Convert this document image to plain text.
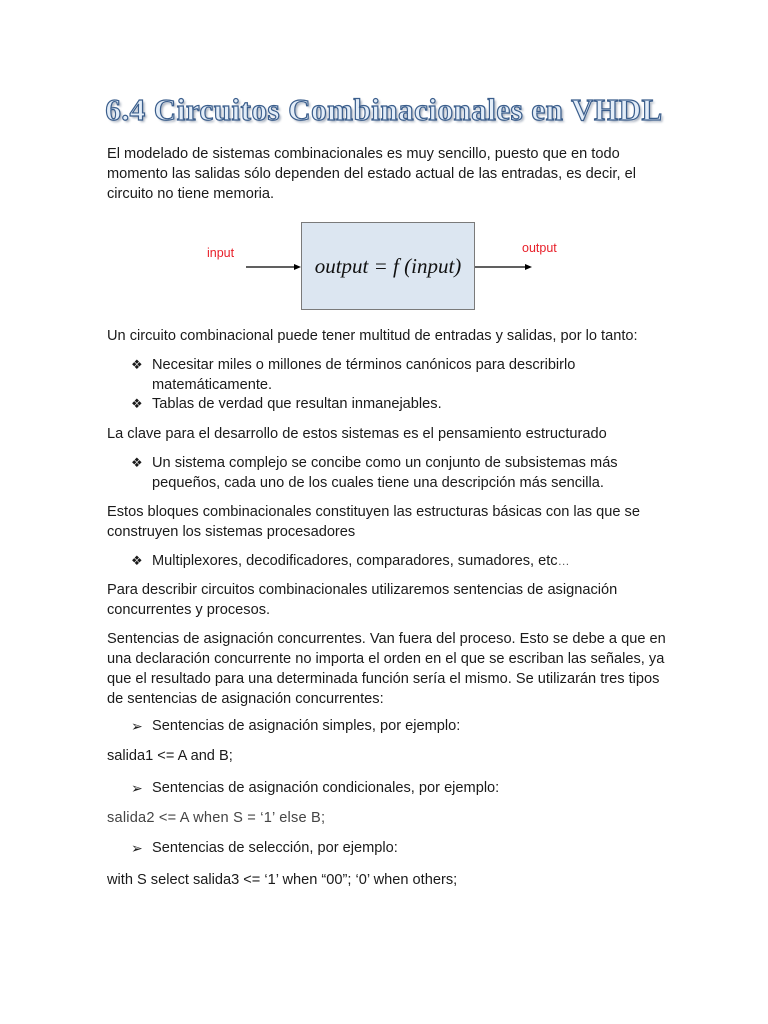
6.4 Circuitos Combinacionales en VHDL

El modelado de sistemas combinacionales es muy sencillo, puesto que en todo momento las salidas sólo dependen del estado actual de las entradas, es decir, el circuito no tiene memoria.

input	output
output = f (input)

Un circuito combinacional puede tener multitud de entradas y salidas, por lo tanto:

❖ Necesitar miles o millones de términos canónicos para describirlo matemáticamente.
❖ Tablas de verdad que resultan inmanejables.

La clave para el desarrollo de estos sistemas es el pensamiento estructurado

❖ Un sistema complejo se concibe como un conjunto de subsistemas más pequeños, cada uno de los cuales tiene una descripción más sencilla.

Estos bloques combinacionales constituyen las estructuras básicas con las que se construyen los sistemas procesadores

❖ Multiplexores, decodificadores, comparadores, sumadores, etc…

Para describir circuitos combinacionales utilizaremos sentencias de asignación concurrentes y procesos.

Sentencias de asignación concurrentes. Van fuera del proceso. Esto se debe a que en una declaración concurrente no importa el orden en el que se escriban las señales, ya que el resultado para una determinada función sería el mismo. Se utilizarán tres tipos de sentencias de asignación concurrentes:

➢ Sentencias de asignación simples, por ejemplo:

salida1 <= A and B;

➢ Sentencias de asignación condicionales, por ejemplo:

salida2 <= A when S = ‘1’ else B;

➢ Sentencias de selección, por ejemplo:

with S select salida3 <= ‘1’ when “00”; ‘0’ when others;
